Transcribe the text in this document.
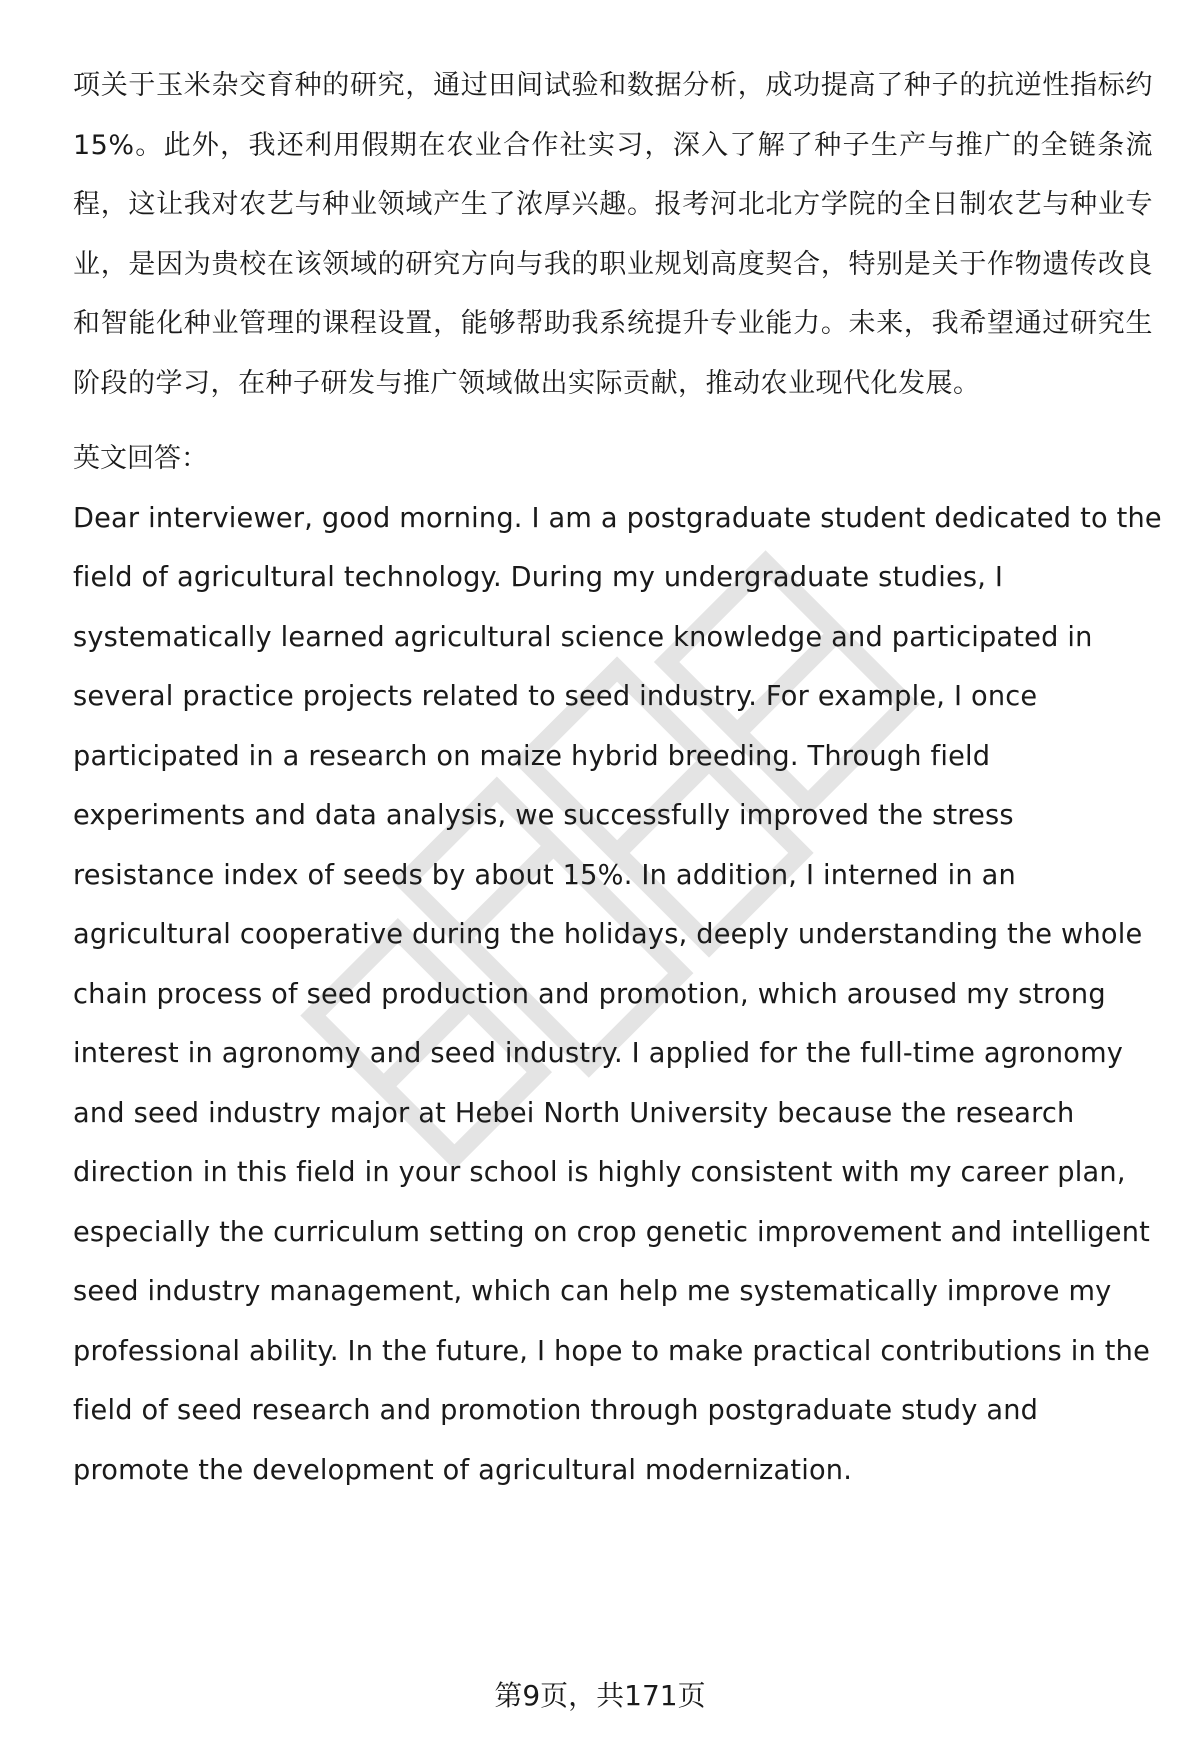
项关于玉米杂交育种的研究，通过田间试验和数据分析，成功提高了种子的抗逆性指标约15%。此外，我还利用假期在农业合作社实习，深入了解了种子生产与推广的全链条流程，这让我对农艺与种业领域产生了浓厚兴趣。报考河北北方学院的全日制农艺与种业专业，是因为贵校在该领域的研究方向与我的职业规划高度契合，特别是关于作物遗传改良和智能化种业管理的课程设置，能够帮助我系统提升专业能力。未来，我希望通过研究生阶段的学习，在种子研发与推广领域做出实际贡献，推动农业现代化发展。

英文回答：

Dear interviewer, good morning. I am a postgraduate student dedicated to the field of agricultural technology. During my undergraduate studies, I systematically learned agricultural science knowledge and participated in several practice projects related to seed industry. For example, I once participated in a research on maize hybrid breeding. Through field experiments and data analysis, we successfully improved the stress resistance index of seeds by about 15%. In addition, I interned in an agricultural cooperative during the holidays, deeply understanding the whole chain process of seed production and promotion, which aroused my strong interest in agronomy and seed industry. I applied for the full-time agronomy and seed industry major at Hebei North University because the research direction in this field in your school is highly consistent with my career plan, especially the curriculum setting on crop genetic improvement and intelligent seed industry management, which can help me systematically improve my professional ability. In the future, I hope to make practical contributions in the field of seed research and promotion through postgraduate study and promote the development of agricultural modernization.

第9页，共171页
